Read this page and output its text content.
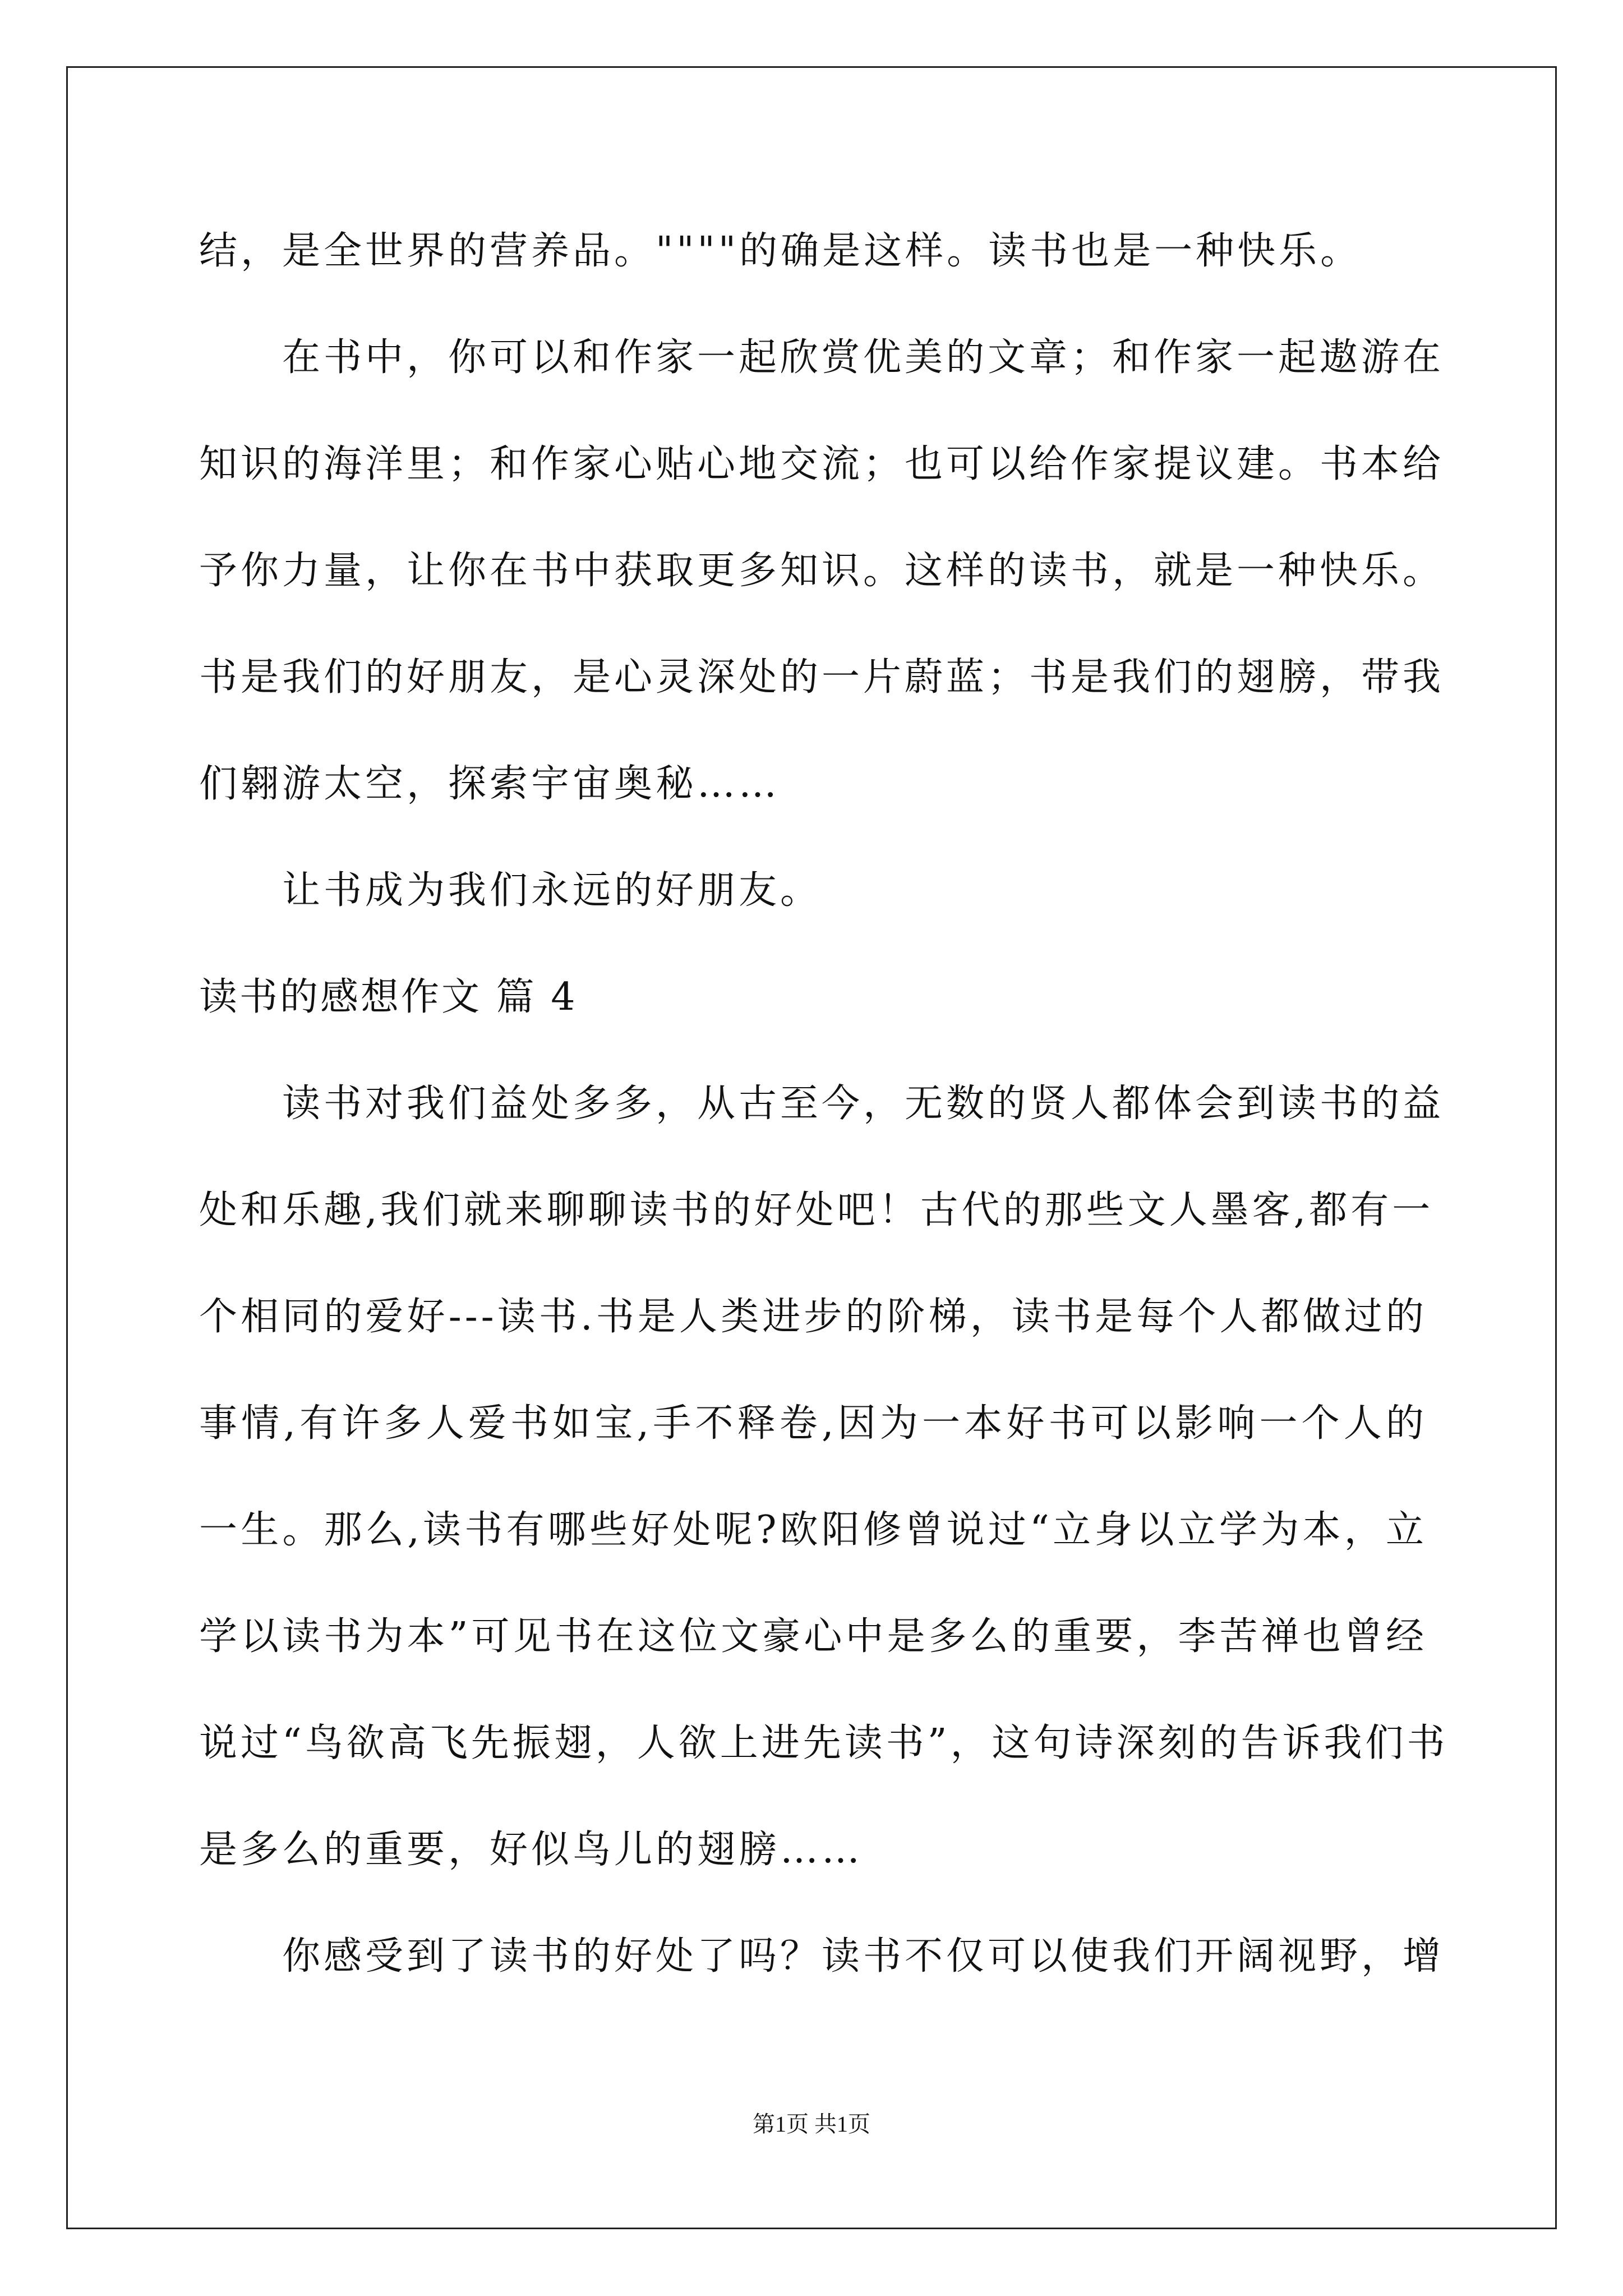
结，是全世界的营养品。""""的确是这样。读书也是一种快乐。
在书中，你可以和作家一起欣赏优美的文章；和作家一起遨游在
知识的海洋里；和作家心贴心地交流；也可以给作家提议建。书本给
予你力量，让你在书中获取更多知识。这样的读书，就是一种快乐。
书是我们的好朋友，是心灵深处的一片蔚蓝；书是我们的翅膀，带我
们翱游太空，探索宇宙奥秘……
让书成为我们永远的好朋友。
读书的感想作文 篇 4
读书对我们益处多多，从古至今，无数的贤人都体会到读书的益
处和乐趣,我们就来聊聊读书的好处吧！古代的那些文人墨客,都有一
个相同的爱好---读书.书是人类进步的阶梯，读书是每个人都做过的
事情,有许多人爱书如宝,手不释卷,因为一本好书可以影响一个人的
一生。那么,读书有哪些好处呢?欧阳修曾说过“立身以立学为本，立
学以读书为本”可见书在这位文豪心中是多么的重要，李苦禅也曾经
说过“鸟欲高飞先振翅，人欲上进先读书”，这句诗深刻的告诉我们书
是多么的重要，好似鸟儿的翅膀……
你感受到了读书的好处了吗？读书不仅可以使我们开阔视野，增
第1页 共1页
